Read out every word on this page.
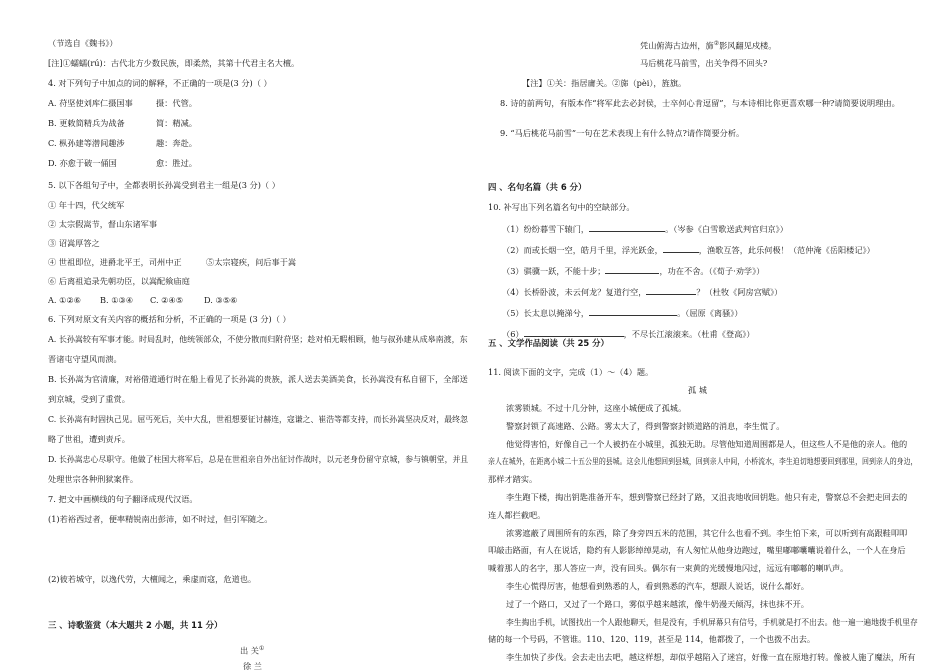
（节选自《魏书》）
[注]①蠕蠕(rú)：古代北方少数民族，即柔然，其第十代君主名大檀。
4. 对下列句子中加点的词的解释，不正确的一项是(3 分)（ ）
A. 苻坚使刘库仁摄国事	摄：代管。
B. 更敕简精兵为战备	简：精减。
C. 枞孙建等潜间趣涉	趣：奔赴。
D. 亦愈于破一俑国	愈：胜过。
5. 以下各组句子中，全都表明长孙嵩受到君主一组是(3 分)（ ）
① 年十四，代父统军
② 太宗假嵩节，督山东诸军事
③ 诏嵩厚答之
④ 世祖即位，进爵北平王，司州中正	⑤太宗寝疾，问后事于嵩
⑥ 后离祖追录先朝功臣，以嵩配飨庙庭
A. ①②⑥ B. ①③④ C. ②④⑤	D. ③⑤⑥
6. 下列对原文有关内容的概括和分析，不正确的一项是 (3 分)（ ）
A. 长孙嵩较有军事才能。时局乱时，他统领部众，不使分散而归附苻坚；趁对柏无暇相顾，他与叔孙建从成皋南渡，东
晋诸屯守望风而溃。
B. 长孙嵩为官清廉，对裕借道通行时在船上看见了长孙嵩的贵族，派人送去美酒美食，长孙嵩没有私自留下，全部送
到京城，受到了重赏。
C. 长孙嵩有时固执己见。屈丐死后，关中大乱，世祖想要征讨赫连，寇谦之、崔浩等都支持，而长孙嵩坚决反对，最终忽
略了世祖，遭到责斥。
D. 长孙嵩忠心尽职守。他做了柱国大将军后，总是在世祖亲自外出征讨作战时，以元老身份留守京城，参与镇朝堂，并且
处理世宗各种刑狱案件。
7. 把文中画横线的句子翻译成现代汉语。
(1)若裕西过者，便率精锐南出彭沛，如不时过，但引军随之。
(2)彼若城守，以逸代劳，大檀闻之，乘虚而寇，危道也。
三 、诗歌鉴赏（本大题共 2 小题，共 11 分）
出 关①
徐 兰
凭山俯海古边州，旆②影风翻见戍楼。
马后桃花马前雪，出关争得不回头?
【注】①关：指居庸关。②旆（pèi），旌旗。
8. 诗的前两句，有版本作“将军此去必封侯，士卒何心肯逗留”，与本诗相比你更喜欢哪一种?请简要说明理由。
9. “马后桃花马前雪”一句在艺术表现上有什么特点?请作简要分析。
四 、名句名篇（共 6 分）
10. 补写出下列名篇名句中的空缺部分。
（1）纷纷暮雪下辕门，	。（岑参《白雪歌送武判官归京》）
（2）而或长烟一空，皓月千里，浮光跃金，	，渔歌互答，此乐何极！（范仲淹《岳阳楼记》）
（3）骐骥一跃，不能十步；	，功在不舍。（《荀子·劝学》）
（4）长桥卧波，未云何龙？复道行空，	？（杜牧《阿房宫赋》）
（5）长太息以掩涕兮，	。（屈原《离骚》）
（6）	，不尽长江滚滚来。（杜甫《登高》）
五 、文学作品阅读（共 25 分）
11. 阅读下面的文字，完成（1）～（4）题。
孤 城
浓雾锁城。不过十几分钟，这座小城便成了孤城。
警察封锁了高速路、公路。雾太大了，得到警察封锁道路的消息，李生慌了。
他觉得害怕，好像自己一个人被扔在小城里，孤独无助。尽管他知道周围都是人，但这些人不是他的亲人。他的
亲人在城外，在距离小城二十五公里的县城。这会儿他想回到县城，回到亲人中间，小桥流水，李生迫切地想要回到那里，回到亲人的身边，
那样才踏实。
李生跑下楼，掏出钥匙准备开车，想到警察已经封了路，又沮丧地收回钥匙。他只有走，警察总不会把走回去的
连人都拦截吧。
浓雾遮蔽了周围所有的东西，除了身旁四五米的范围，其它什么也看不到。李生怕下来，可以听到有高跟鞋叩叩
叩敲击路面，有人在说话，隐约有人影影绰绰晃动，有人匆忙从他身边跑过，嘴里嘟嘟囔囔说着什么，一个人在身后
喊着那人的名字，那人答应一声，没有回头。偶尔有一束黄的光缓慢地闪过，远远有嘟嘟的喇叭声。
李生心慌得厉害，他想看到熟悉的人，看到熟悉的汽车，想跟人说话，说什么都好。
过了一个路口，又过了一个路口，雾似乎越来越浓，像牛奶漫天倾泻，抹也抹不开。
李生掏出手机，试图找出一个人跟他聊天，但是没有，手机屏幕只有信号，手机就是打不出去。他一遍一遍地拨手机里存
储的每一个号码，不管谁。110、120、119，甚至是 114，他都拨了，一个也拨不出去。
李生加快了步伐。会去走出去吧，越这样想，却似乎越陷入了迷宫，好像一直在原地打转。像被人施了魔法，所有
